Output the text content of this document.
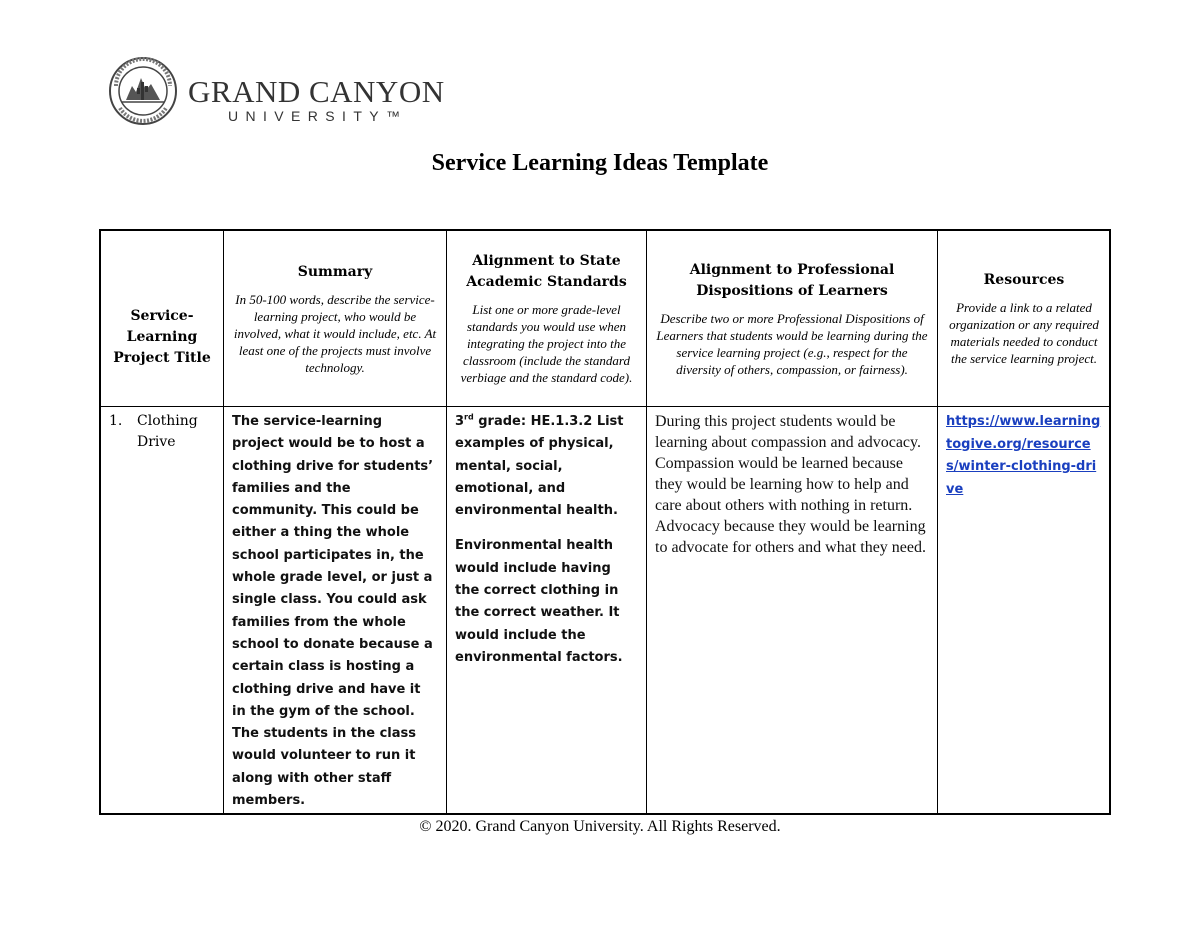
GRAND CANYON
UNIVERSITY™
Service Learning Ideas Template
Service-
Learning
Project Title
Summary
In 50-100 words, describe the service-learning project, who would be involved, what it would include, etc. At least one of the projects must involve technology.
Alignment to State
Academic Standards
List one or more grade-level standards you would use when integrating the project into the classroom (include the standard verbiage and the standard code).
Alignment to Professional
Dispositions of Learners
Describe two or more Professional Dispositions of Learners that students would be learning during the service learning project (e.g., respect for the diversity of others, compassion, or fairness).
Resources
Provide a link to a related organization or any required materials needed to conduct the service learning project.
1.	Clothing Drive
The service-learning project would be to host a clothing drive for students’ families and the community. This could be either a thing the whole school participates in, the whole grade level, or just a single class. You could ask families from the whole school to donate because a certain class is hosting a clothing drive and have it in the gym of the school. The students in the class would volunteer to run it along with other staff members.
3rd grade: HE.1.3.2 List examples of physical, mental, social, emotional, and environmental health.
Environmental health would include having the correct clothing in the correct weather. It would include the environmental factors.
During this project students would be learning about compassion and advocacy. Compassion would be learned because they would be learning how to help and care about others with nothing in return. Advocacy because they would be learning to advocate for others and what they need.
https://www.learningtogive.org/resources/winter-clothing-drive
© 2020. Grand Canyon University. All Rights Reserved.
